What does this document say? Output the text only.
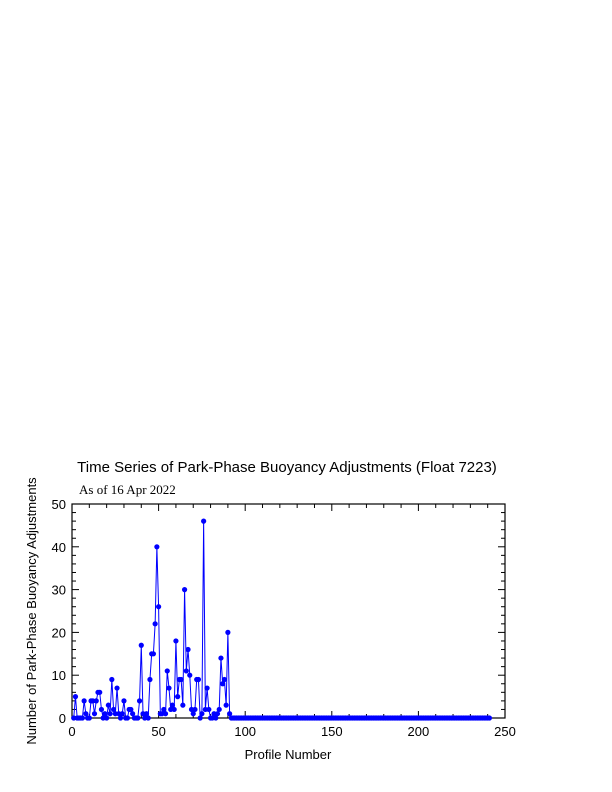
Time Series of Park-Phase Buoyancy Adjustments (Float 7223)
As of 16 Apr 2022
0	50	100	150	200	250
0
10
20
30
40
50
Profile Number
Number of Park-Phase Buoyancy Adjustments
